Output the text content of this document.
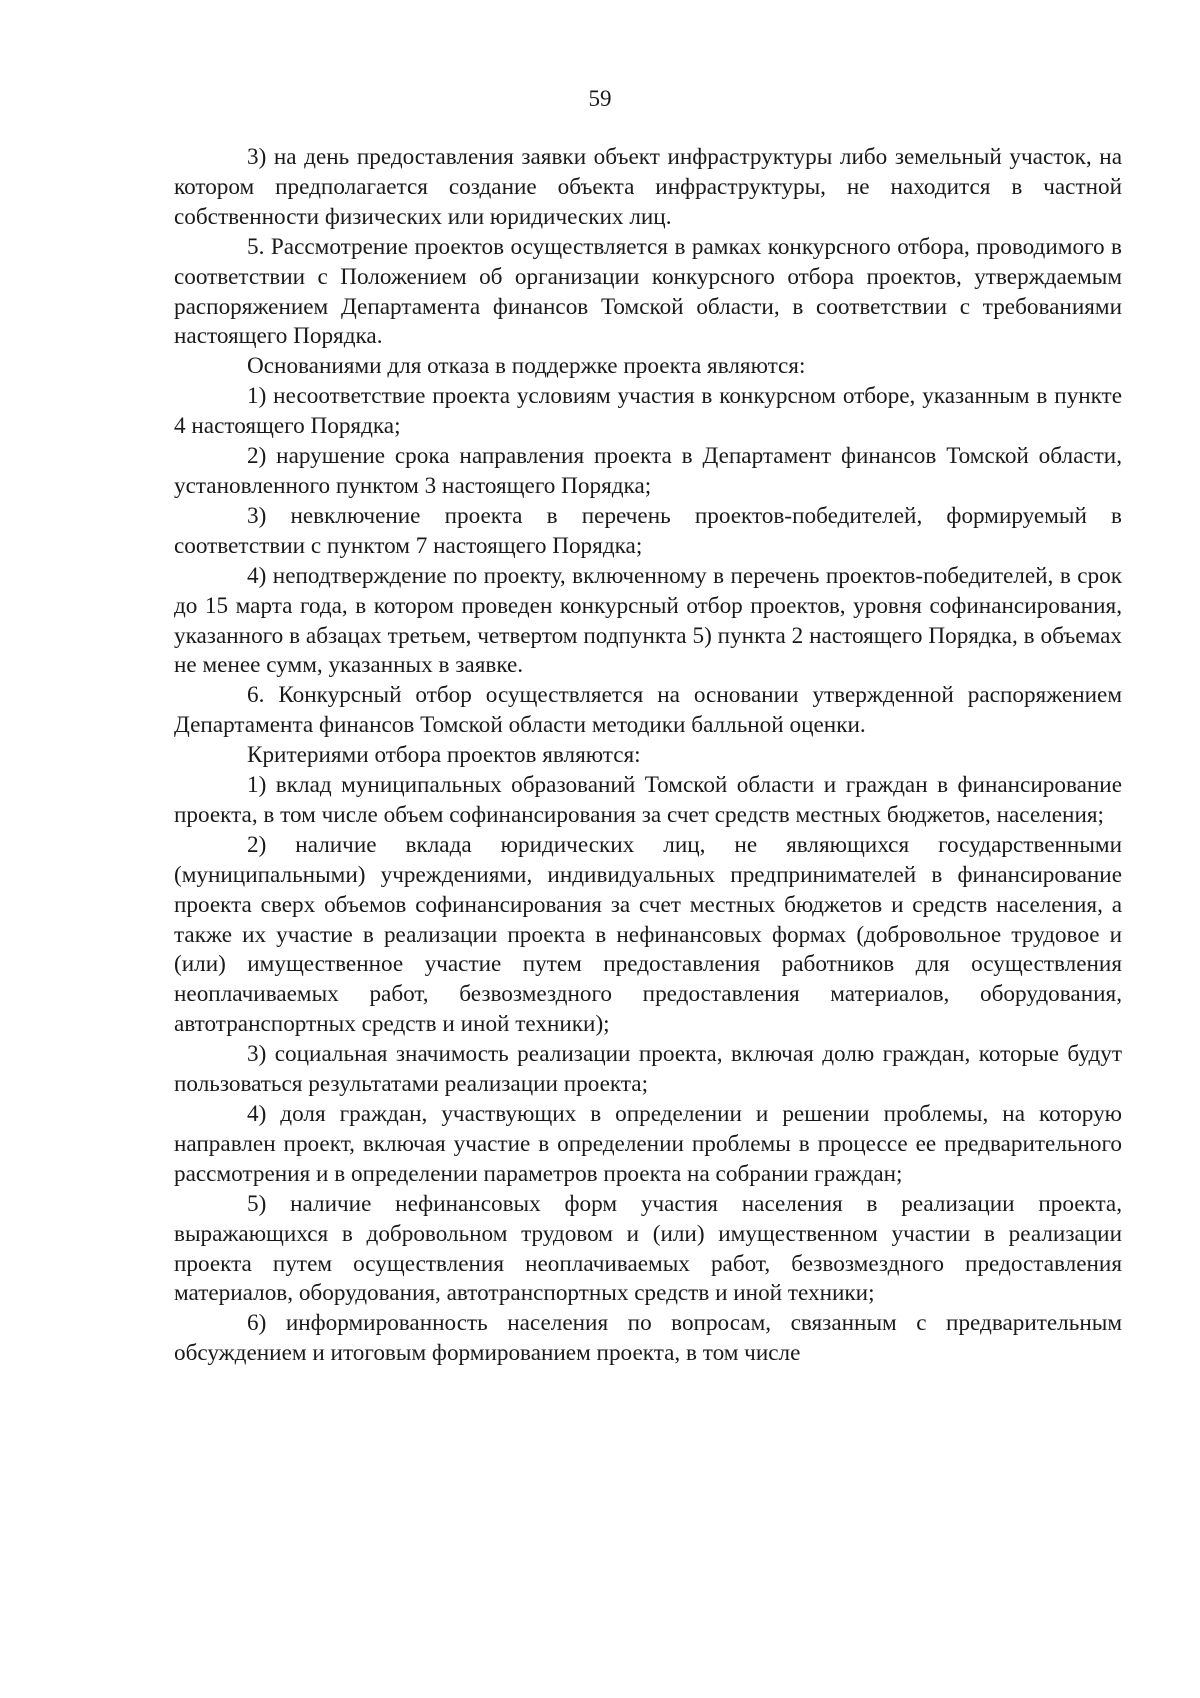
59

3) на день предоставления заявки объект инфраструктуры либо земельный участок, на котором предполагается создание объекта инфраструктуры, не находится в частной собственности физических или юридических лиц.

5. Рассмотрение проектов осуществляется в рамках конкурсного отбора, проводимого в соответствии с Положением об организации конкурсного отбора проектов, утверждаемым распоряжением Департамента финансов Томской области, в соответствии с требованиями настоящего Порядка.

Основаниями для отказа в поддержке проекта являются:

1) несоответствие проекта условиям участия в конкурсном отборе, указанным в пункте 4 настоящего Порядка;

2) нарушение срока направления проекта в Департамент финансов Томской области, установленного пунктом 3 настоящего Порядка;

3) невключение проекта в перечень проектов-победителей, формируемый в соответствии с пунктом 7 настоящего Порядка;

4) неподтверждение по проекту, включенному в перечень проектов-победителей, в срок до 15 марта года, в котором проведен конкурсный отбор проектов, уровня софинансирования, указанного в абзацах третьем, четвертом подпункта 5) пункта 2 настоящего Порядка, в объемах не менее сумм, указанных в заявке.

6. Конкурсный отбор осуществляется на основании утвержденной распоряжением Департамента финансов Томской области методики балльной оценки.

Критериями отбора проектов являются:

1) вклад муниципальных образований Томской области и граждан в финансирование проекта, в том числе объем софинансирования за счет средств местных бюджетов, населения;

2) наличие вклада юридических лиц, не являющихся государственными (муниципальными) учреждениями, индивидуальных предпринимателей в финансирование проекта сверх объемов софинансирования за счет местных бюджетов и средств населения, а также их участие в реализации проекта в нефинансовых формах (добровольное трудовое и (или) имущественное участие путем предоставления работников для осуществления неоплачиваемых работ, безвозмездного предоставления материалов, оборудования, автотранспортных средств и иной техники);

3) социальная значимость реализации проекта, включая долю граждан, которые будут пользоваться результатами реализации проекта;

4) доля граждан, участвующих в определении и решении проблемы, на которую направлен проект, включая участие в определении проблемы в процессе ее предварительного рассмотрения и в определении параметров проекта на собрании граждан;

5) наличие нефинансовых форм участия населения в реализации проекта, выражающихся в добровольном трудовом и (или) имущественном участии в реализации проекта путем осуществления неоплачиваемых работ, безвозмездного предоставления материалов, оборудования, автотранспортных средств и иной техники;

6) информированность населения по вопросам, связанным с предварительным обсуждением и итоговым формированием проекта, в том числе
